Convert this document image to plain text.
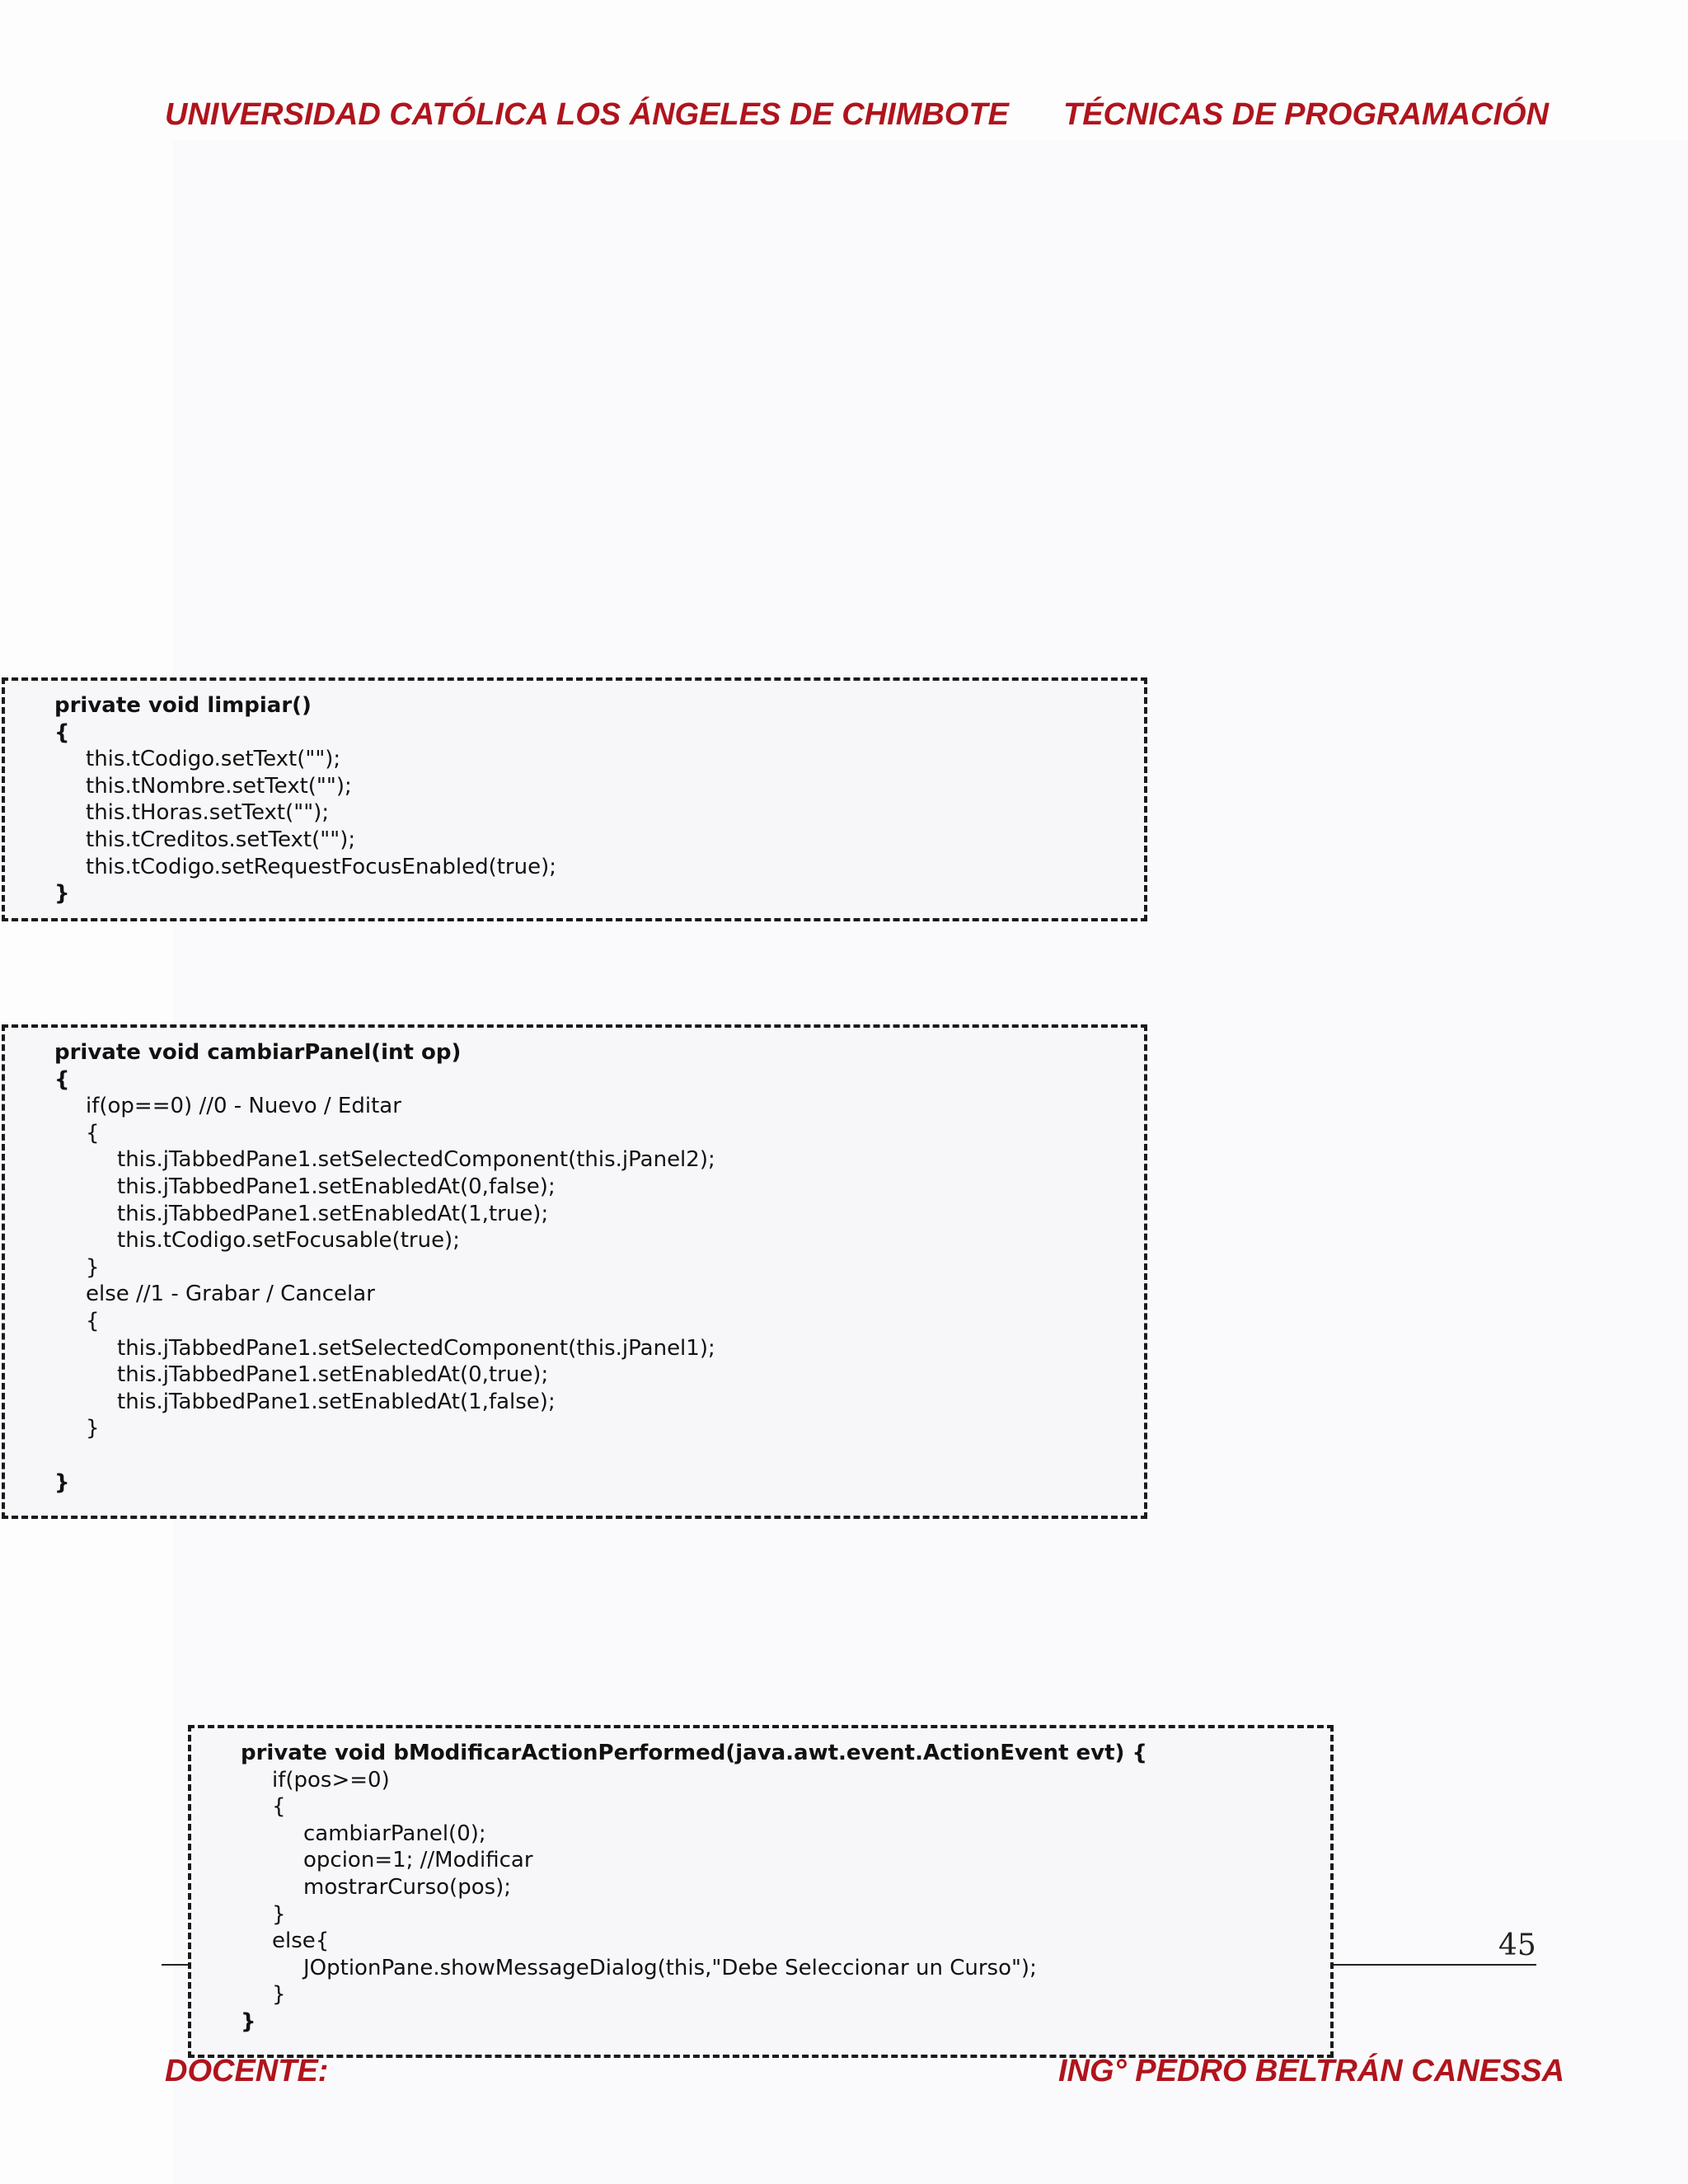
UNIVERSIDAD CATÓLICA LOS ÁNGELES DE CHIMBOTE TÉCNICAS DE PROGRAMACIÓN
private void limpiar()
{
this.tCodigo.setText("");
this.tNombre.setText("");
this.tHoras.setText("");
this.tCreditos.setText("");
this.tCodigo.setRequestFocusEnabled(true);
}
private void cambiarPanel(int op)
{
if(op==0) //0 - Nuevo / Editar
{
this.jTabbedPane1.setSelectedComponent(this.jPanel2);
this.jTabbedPane1.setEnabledAt(0,false);
this.jTabbedPane1.setEnabledAt(1,true);
this.tCodigo.setFocusable(true);
}
else //1 - Grabar / Cancelar
{
this.jTabbedPane1.setSelectedComponent(this.jPanel1);
this.jTabbedPane1.setEnabledAt(0,true);
this.jTabbedPane1.setEnabledAt(1,false);
}
}
45
private void bModificarActionPerformed(java.awt.event.ActionEvent evt) {
if(pos>=0)
{
cambiarPanel(0);
opcion=1; //Modificar
mostrarCurso(pos);
}
else{
JOptionPane.showMessageDialog(this,"Debe Seleccionar un Curso");
}
}
DOCENTE:	ING° PEDRO BELTRÁN CANESSA
